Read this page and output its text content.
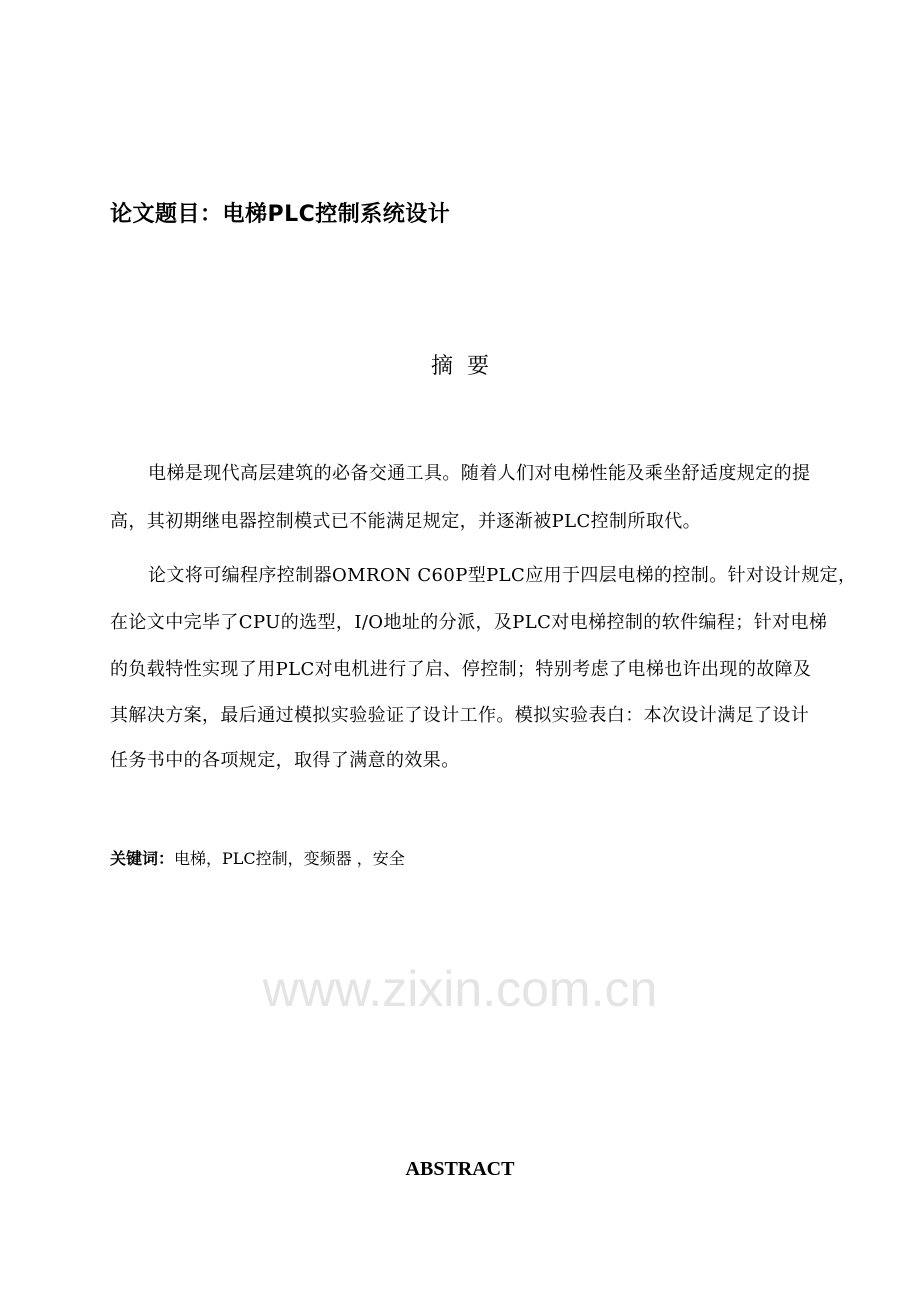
论文题目：电梯PLC控制系统设计
摘  要
电梯是现代高层建筑的必备交通工具。随着人们对电梯性能及乘坐舒适度规定的提
高，其初期继电器控制模式已不能满足规定，并逐渐被PLC控制所取代。
论文将可编程序控制器OMRON C60P型PLC应用于四层电梯的控制。针对设计规定，
在论文中完毕了CPU的选型，I/O地址的分派，及PLC对电梯控制的软件编程；针对电梯
的负载特性实现了用PLC对电机进行了启、停控制；特别考虑了电梯也许出现的故障及
其解决方案，最后通过模拟实验验证了设计工作。模拟实验表白：本次设计满足了设计
任务书中的各项规定，取得了满意的效果。
关键词：电梯，PLC控制，变频器 ，安全
www.zixin.com.cn
ABSTRACT
